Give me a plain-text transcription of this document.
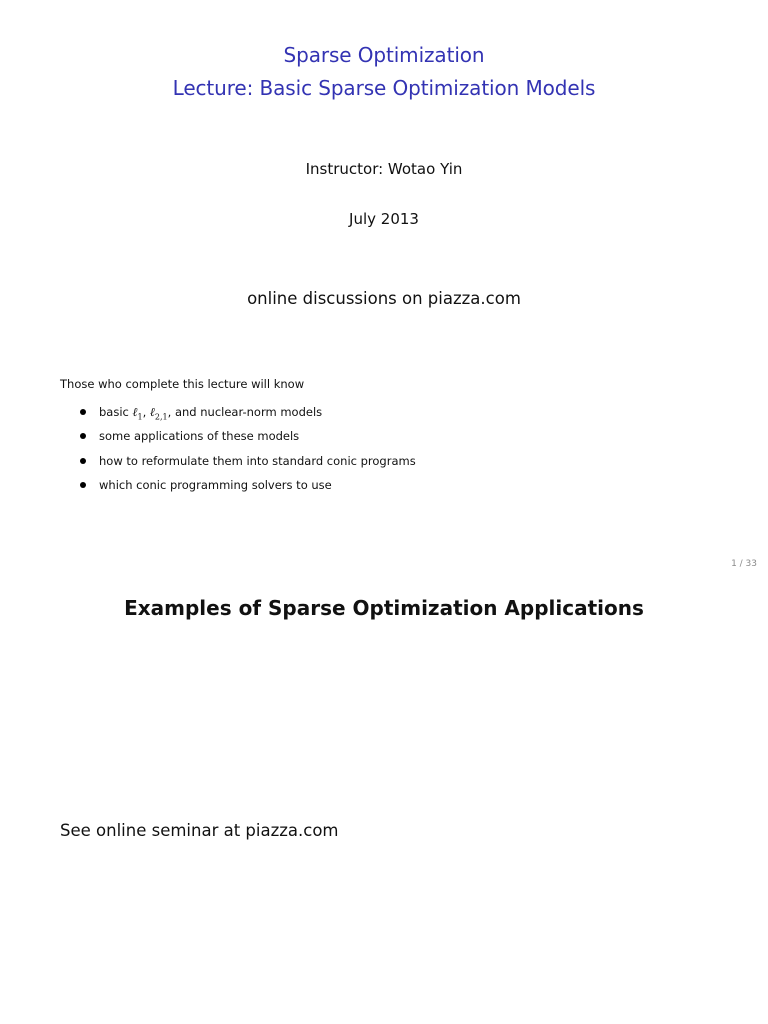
Sparse Optimization
Lecture: Basic Sparse Optimization Models
Instructor: Wotao Yin
July 2013
online discussions on piazza.com
Those who complete this lecture will know
basic ℓ$_1$, ℓ$_{2,1}$, and nuclear-norm models
some applications of these models
how to reformulate them into standard conic programs
which conic programming solvers to use
1 / 33
Examples of Sparse Optimization Applications
See online seminar at piazza.com
